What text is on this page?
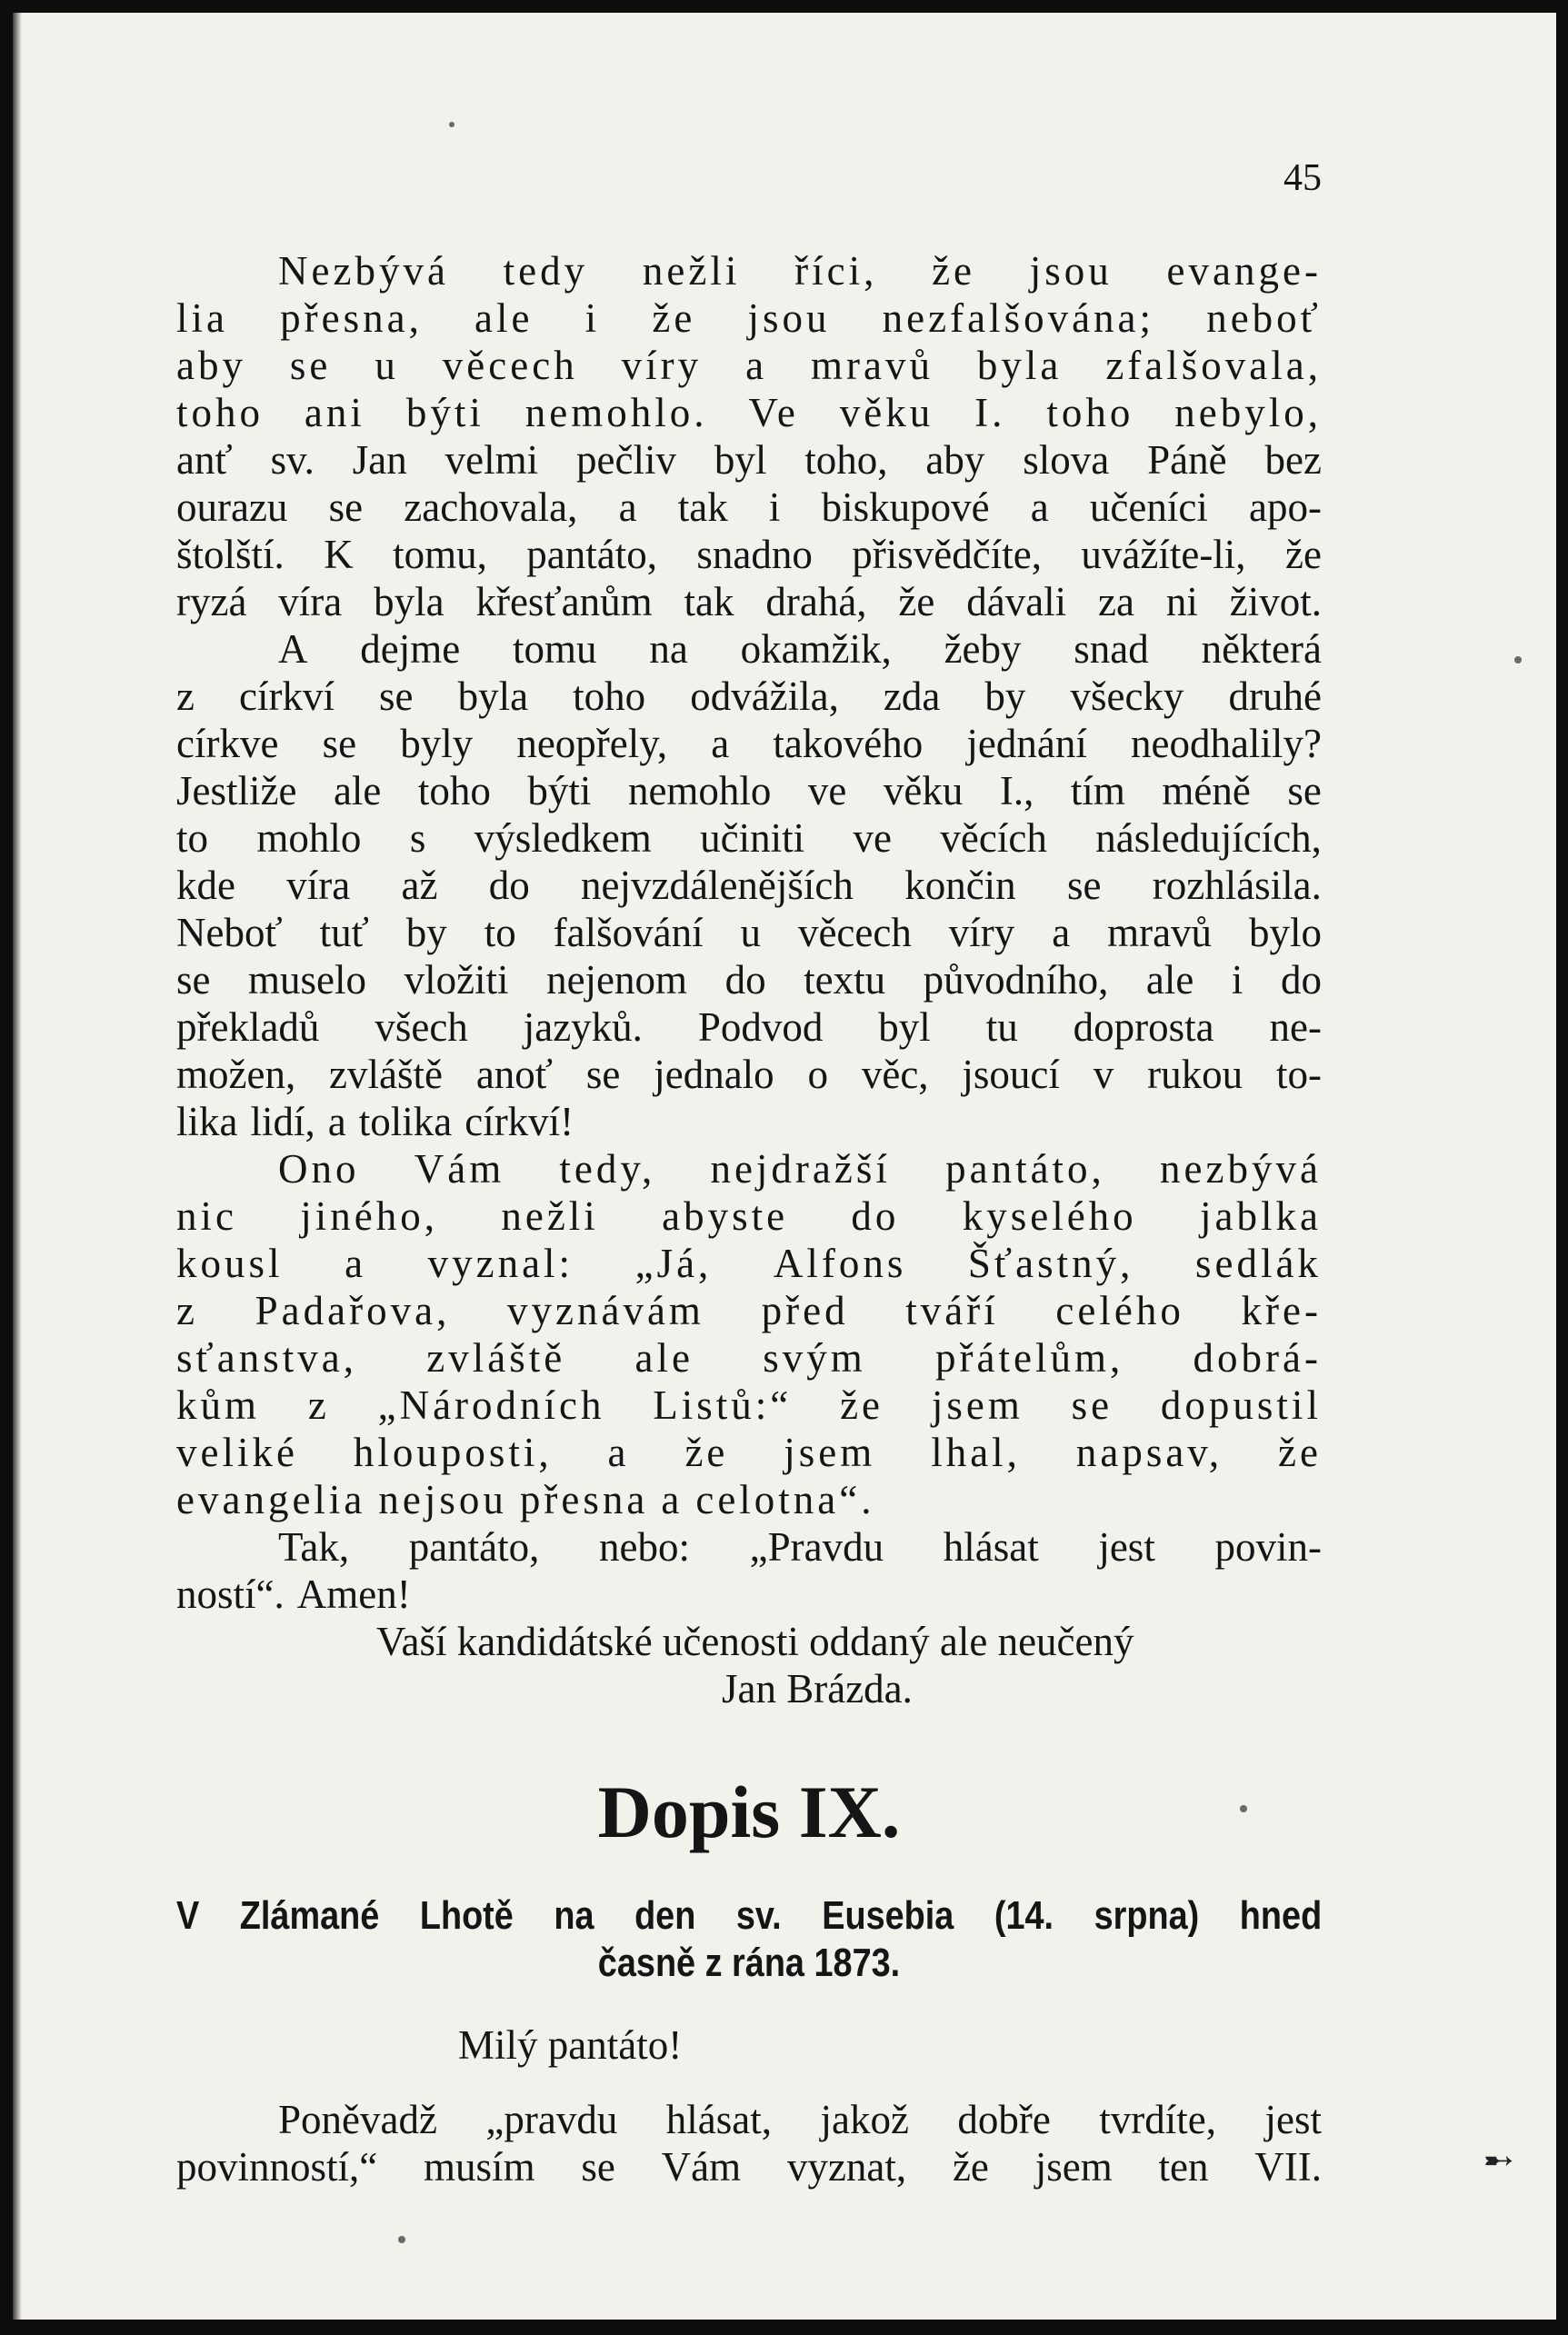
45
Nezbývá tedy nežli říci, že jsou evange-
lia přesna, ale i že jsou nezfalšována; neboť
aby se u věcech víry a mravů byla zfalšovala,
toho ani býti nemohlo. Ve věku I. toho nebylo,
anť sv. Jan velmi pečliv byl toho, aby slova Páně bez
ourazu se zachovala, a tak i biskupové a učeníci apo-
štolští. K tomu, pantáto, snadno přisvědčíte, uvážíte-li, že
ryzá víra byla křesťanům tak drahá, že dávali za ni život.
A dejme tomu na okamžik, žeby snad některá
z církví se byla toho odvážila, zda by všecky druhé
církve se byly neopřely, a takového jednání neodhalily?
Jestliže ale toho býti nemohlo ve věku I., tím méně se
to mohlo s výsledkem učiniti ve věcích následujících,
kde víra až do nejvzdálenějších končin se rozhlásila.
Neboť tuť by to falšování u věcech víry a mravů bylo
se muselo vložiti nejenom do textu původního, ale i do
překladů všech jazyků. Podvod byl tu doprosta ne-
možen, zvláště anoť se jednalo o věc, jsoucí v rukou to-
lika lidí, a tolika církví!
Ono Vám tedy, nejdražší pantáto, nezbývá
nic jiného, nežli abyste do kyselého jablka
kousl a vyznal: „Já, Alfons Šťastný, sedlák
z Padařova, vyznávám před tváří celého kře-
sťanstva, zvláště ale svým přátelům, dobrá-
kům z „Národních Listů:“ že jsem se dopustil
veliké hlouposti, a že jsem lhal, napsav, že
evangelia nejsou přesna a celotna“.
Tak, pantáto, nebo: „Pravdu hlásat jest povin-
ností“. Amen!
Vaší kandidátské učenosti oddaný ale neučený
Jan Brázda.
Dopis IX.
V Zlámané Lhotě na den sv. Eusebia (14. srpna) hned
časně z rána 1873.
Milý pantáto!
Poněvadž „pravdu hlásat, jakož dobře tvrdíte, jest
povinností,“ musím se Vám vyznat, že jsem ten VII.	➸
